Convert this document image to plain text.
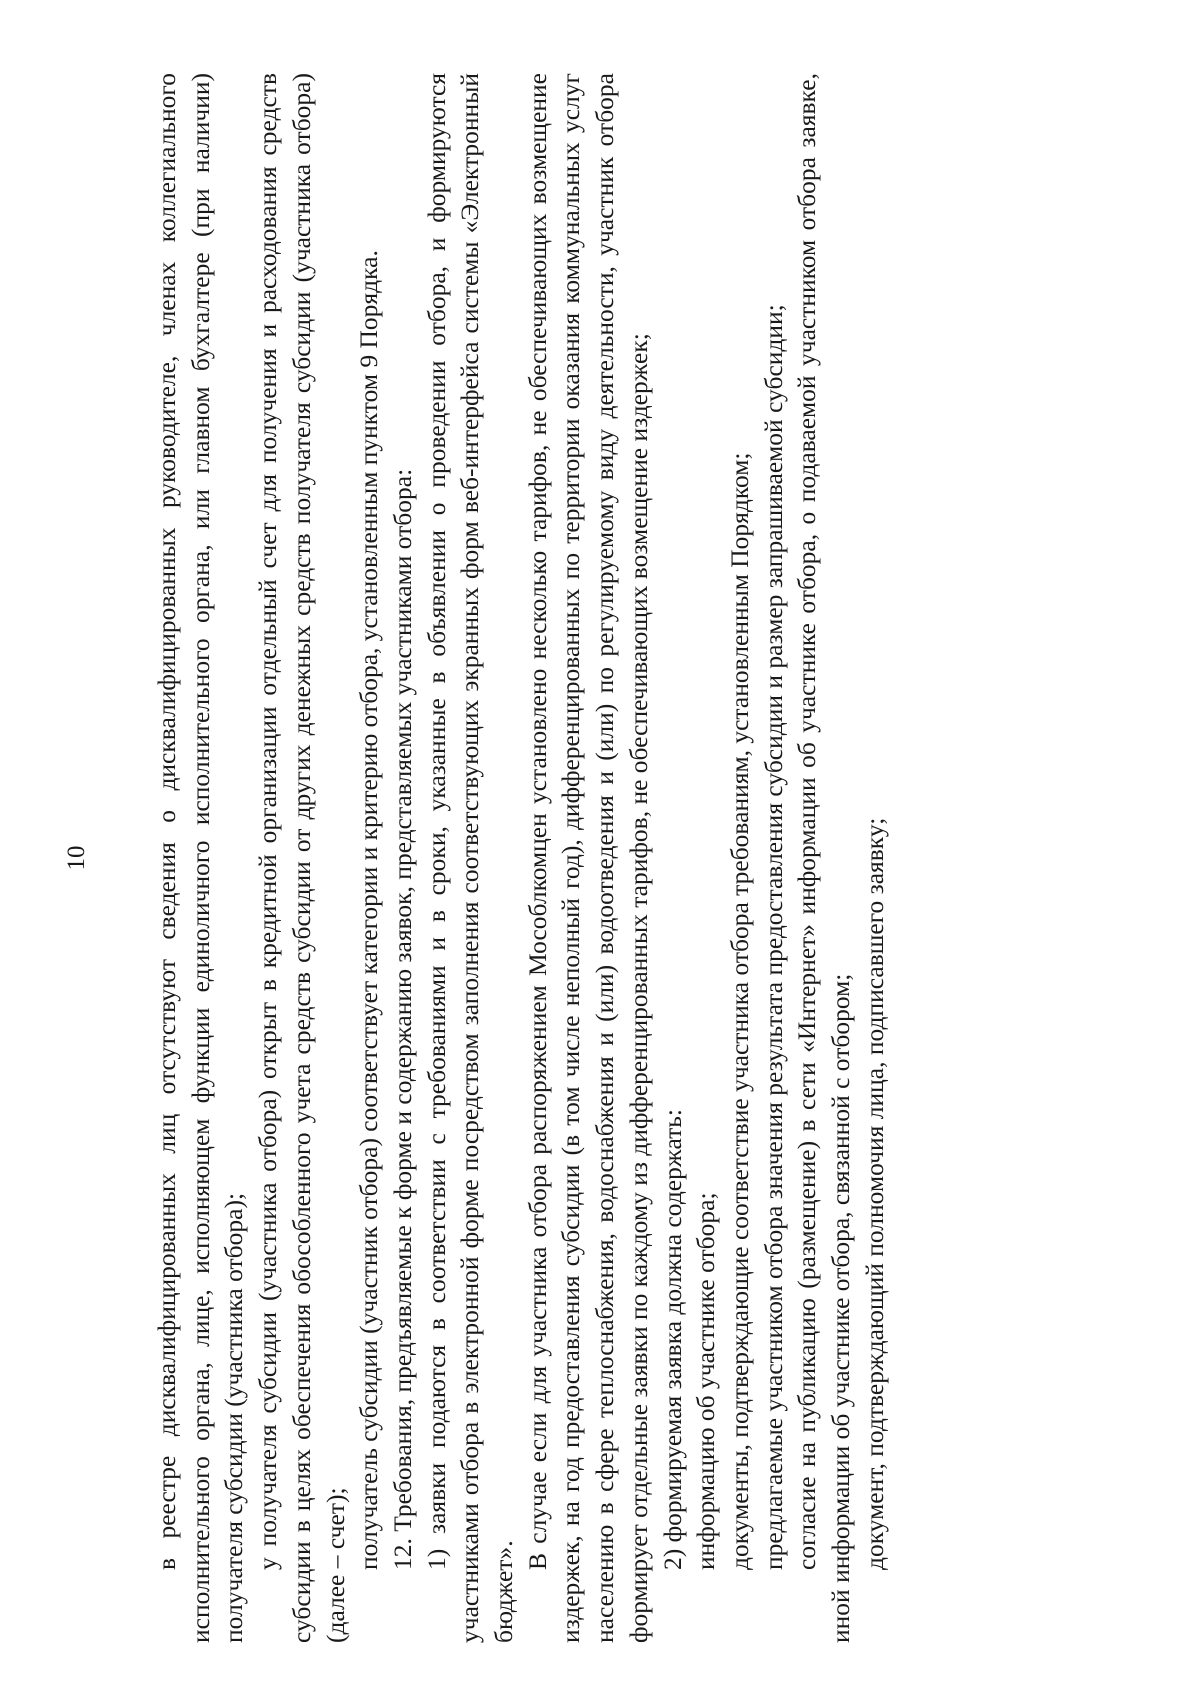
10 в реестре дисквалифицированных лиц отсутствуют сведения о дисквалифицированных руководителе, членах коллегиального исполнительного органа, лице, исполняющем функции единоличного исполнительного органа, или главном бухгалтере (при наличии) получателя субсидии (участника отбора); у получателя субсидии (участника отбора) открыт в кредитной организации отдельный счет для получения и расходования средств субсидии в целях обеспечения обособленного учета средств субсидии от других денежных средств получателя субсидии (участника отбора) (далее – счет); получатель субсидии (участник отбора) соответствует категории и критерию отбора, установленным пунктом 9 Порядка. 12. Требования, предъявляемые к форме и содержанию заявок, представляемых участниками отбора: 1) заявки подаются в соответствии с требованиями и в сроки, указанные в объявлении о проведении отбора, и формируются участниками отбора в электронной форме посредством заполнения соответствующих экранных форм веб-интерфейса системы «Электронный бюджет».

В случае если для участника отбора распоряжением Мособлкомцен установлено несколько тарифов, не обеспечивающих возмещение издержек, на год предоставления субсидии (в том числе неполный год), дифференцированных по территории оказания коммунальных услуг населению в сфере теплоснабжения, водоснабжения и (или) водоотведения и (или) по регулируемому виду деятельности, участник отбора формирует отдельные заявки по каждому из дифференцированных тарифов, не обеспечивающих возмещение издержек; 2) формируемая заявка должна содержать: информацию об участнике отбора; документы, подтверждающие соответствие участника отбора требованиям, установленным Порядком; предлагаемые участником отбора значения результата предоставления субсидии и размер запрашиваемой субсидии; согласие на публикацию (размещение) в сети «Интернет» информации об участнике отбора, о подаваемой участником отбора заявке, иной информации об участнике отбора, связанной с отбором; документ, подтверждающий полномочия лица, подписавшего заявку;
